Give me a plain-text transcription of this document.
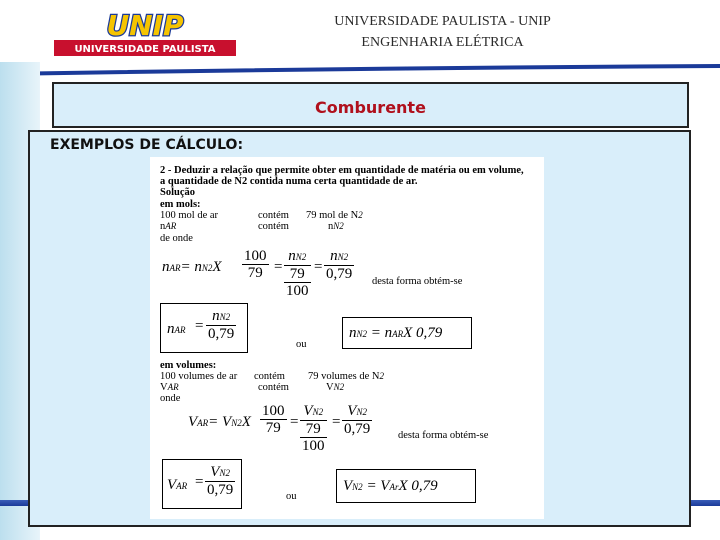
UNIP
UNIVERSIDADE PAULISTA
UNIVERSIDADE PAULISTA - UNIP
ENGENHARIA ELÉTRICA
Comburente
EXEMPLOS DE CÁLCULO:
2 - Deduzir a relação que permite obter em quantidade de matéria ou em volume,
a quantidade de N2 contida numa certa quantidade de ar.
Solução
em mols:
100 mol de ar	contém 79 mol de N2
nAR	contém	nN2
de onde
nAR= nN2X
100
79 =
nN2
79
100
=
nN2
0,79 desta forma obtém-se
nAR =
nN2
0,79
ou
nN2 = nARX 0,79
em volumes:
100 volumes de ar contém 79 volumes de N2
VAR	contém	VN2
onde
VAR= VN2X
100
79 =
VN2
79
100
=
VN2
0,79	desta forma obtém-se
VAR =
VN2
0,79	ou
VN2 = VArX 0,79
